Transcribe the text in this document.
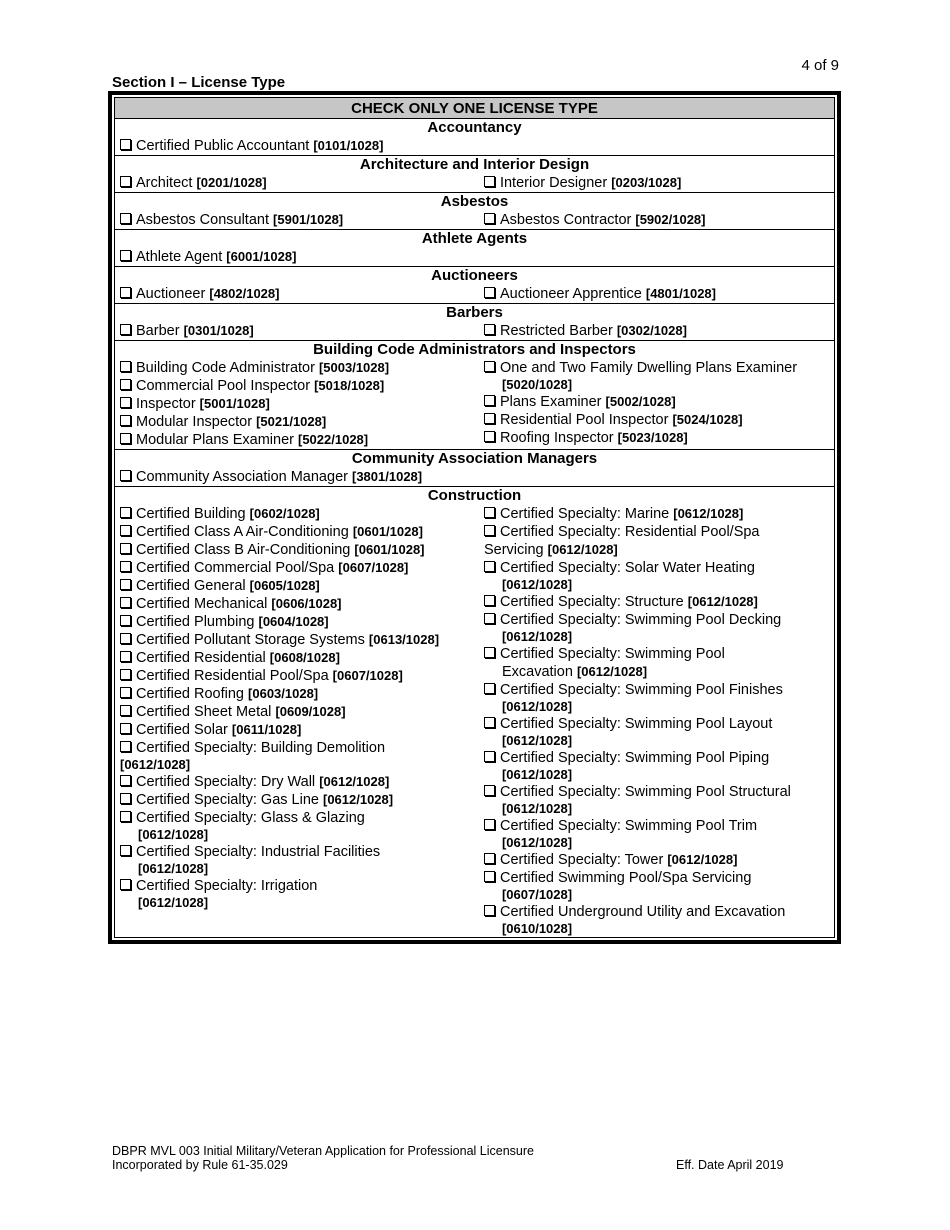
4 of 9
Section I – License Type
CHECK ONLY ONE LICENSE TYPE
Accountancy
Certified Public Accountant [0101/1028]
Architecture and Interior Design
Architect [0201/1028]	Interior Designer [0203/1028]
Asbestos
Asbestos Consultant [5901/1028]	Asbestos Contractor [5902/1028]
Athlete Agents
Athlete Agent [6001/1028]
Auctioneers
Auctioneer [4802/1028]	Auctioneer Apprentice [4801/1028]
Barbers
Barber [0301/1028]	Restricted Barber [0302/1028]
Building Code Administrators and Inspectors
Building Code Administrator [5003/1028]
Commercial Pool Inspector [5018/1028]
Inspector [5001/1028]
Modular Inspector [5021/1028]
Modular Plans Examiner [5022/1028]
One and Two Family Dwelling Plans Examiner
[5020/1028]
Plans Examiner [5002/1028]
Residential Pool Inspector [5024/1028]
Roofing Inspector [5023/1028]
Community Association Managers
Community Association Manager [3801/1028]
Construction
Certified Building [0602/1028]
Certified Class A Air-Conditioning [0601/1028]
Certified Class B Air-Conditioning [0601/1028]
Certified Commercial Pool/Spa [0607/1028]
Certified General [0605/1028]
Certified Mechanical [0606/1028]
Certified Plumbing [0604/1028]
Certified Pollutant Storage Systems [0613/1028]
Certified Residential [0608/1028]
Certified Residential Pool/Spa [0607/1028]
Certified Roofing [0603/1028]
Certified Sheet Metal [0609/1028]
Certified Solar [0611/1028]
Certified Specialty: Building Demolition
[0612/1028]
Certified Specialty: Dry Wall [0612/1028]
Certified Specialty: Gas Line [0612/1028]
Certified Specialty: Glass & Glazing
[0612/1028]
Certified Specialty: Industrial Facilities
[0612/1028]
Certified Specialty: Irrigation
[0612/1028]
Certified Specialty: Marine [0612/1028]
Certified Specialty: Residential Pool/Spa
Servicing [0612/1028]
Certified Specialty: Solar Water Heating
[0612/1028]
Certified Specialty: Structure [0612/1028]
Certified Specialty: Swimming Pool Decking
[0612/1028]
Certified Specialty: Swimming Pool
Excavation [0612/1028]
Certified Specialty: Swimming Pool Finishes
[0612/1028]
Certified Specialty: Swimming Pool Layout
[0612/1028]
Certified Specialty: Swimming Pool Piping
[0612/1028]
Certified Specialty: Swimming Pool Structural
[0612/1028]
Certified Specialty: Swimming Pool Trim
[0612/1028]
Certified Specialty: Tower [0612/1028]
Certified Swimming Pool/Spa Servicing
[0607/1028]
Certified Underground Utility and Excavation
[0610/1028]
DBPR MVL 003 Initial Military/Veteran Application for Professional Licensure
Incorporated by Rule 61-35.029	Eff. Date April 2019
